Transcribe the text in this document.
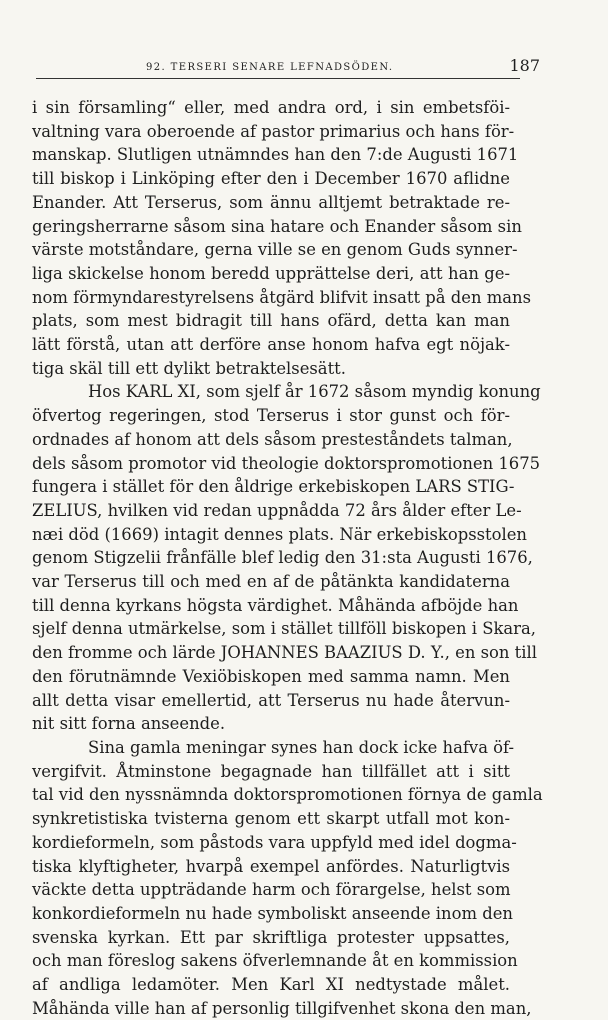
92. TERSERI SENARE LEFNADSÖDEN.	187
i sin församling“ eller, med andra ord, i sin embetsföi-
valtning vara oberoende af pastor primarius och hans för-
manskap. Slutligen utnämndes han den 7:de Augusti 1671
till biskop i Linköping efter den i December 1670 aflidne
Enander. Att Terserus, som ännu alltjemt betraktade re-
geringsherrarne såsom sina hatare och Enander såsom sin
värste motståndare, gerna ville se en genom Guds synner-
liga skickelse honom beredd upprättelse deri, att han ge-
nom förmyndarestyrelsens åtgärd blifvit insatt på den mans
plats, som mest bidragit till hans ofärd, detta kan man
lätt förstå, utan att derföre anse honom hafva egt nöjak-
tiga skäl till ett dylikt betraktelsesätt.
Hos KARL XI, som sjelf år 1672 såsom myndig konung
öfvertog regeringen, stod Terserus i stor gunst och för-
ordnades af honom att dels såsom presteståndets talman,
dels såsom promotor vid theologie doktorspromotionen 1675
fungera i stället för den åldrige erkebiskopen LARS STIG-
ZELIUS, hvilken vid redan uppnådda 72 års ålder efter Le-
næi död (1669) intagit dennes plats. När erkebiskopsstolen
genom Stigzelii frånfälle blef ledig den 31:sta Augusti 1676,
var Terserus till och med en af de påtänkta kandidaterna
till denna kyrkans högsta värdighet. Måhända afböjde han
sjelf denna utmärkelse, som i stället tillföll biskopen i Skara,
den fromme och lärde JOHANNES BAAZIUS D. Y., en son till
den förutnämnde Vexiöbiskopen med samma namn. Men
allt detta visar emellertid, att Terserus nu hade återvun-
nit sitt forna anseende.
Sina gamla meningar synes han dock icke hafva öf-
vergifvit. Åtminstone begagnade han tillfället att i sitt
tal vid den nyssnämnda doktorspromotionen förnya de gamla
synkretistiska tvisterna genom ett skarpt utfall mot kon-
kordieformeln, som påstods vara uppfyld med idel dogma-
tiska klyftigheter, hvarpå exempel anfördes. Naturligtvis
väckte detta uppträdande harm och förargelse, helst som
konkordieformeln nu hade symboliskt anseende inom den
svenska kyrkan. Ett par skriftliga protester uppsattes,
och man föreslog sakens öfverlemnande åt en kommission
af andliga ledamöter. Men Karl XI nedtystade målet.
Måhända ville han af personlig tillgifvenhet skona den man,
